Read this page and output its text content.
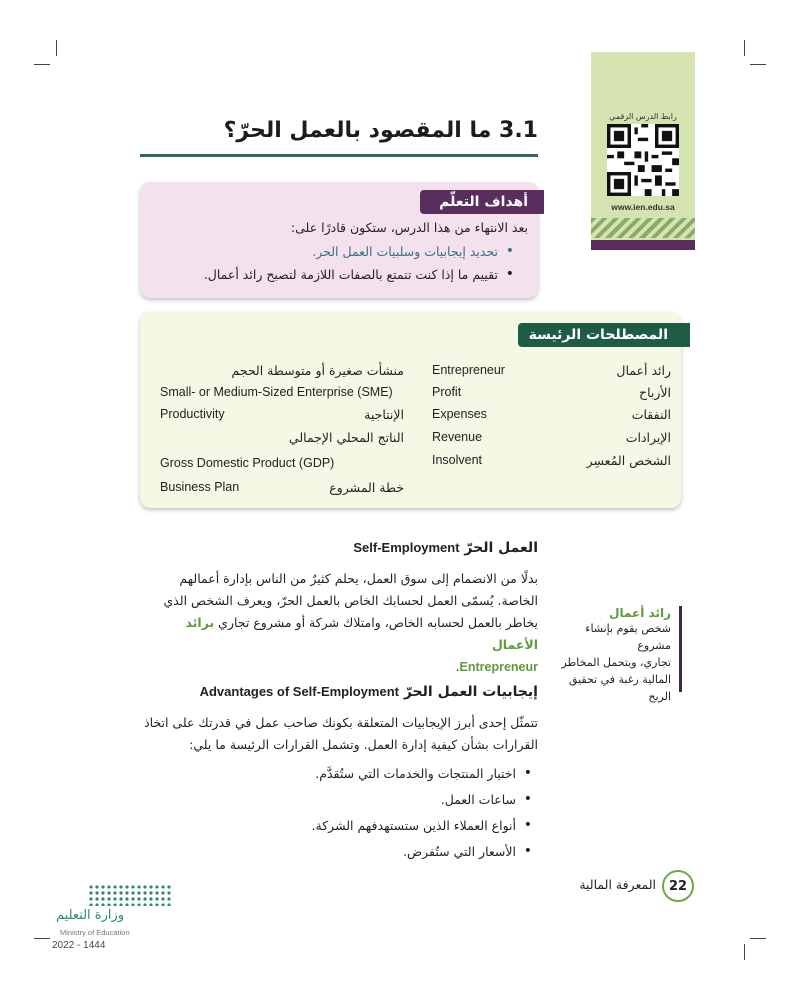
رابط الدرس الرقمي
www.ien.edu.sa
3.1 ما المقصود بالعمل الحرّ؟
أهداف التعلّم
بعد الانتهاء من هذا الدرس، ستكون قادرًا على:
• تحديد إيجابيات وسلبيات العمل الحر.
• تقييم ما إذا كنت تتمتع بالصفات اللازمة لتصبح رائد أعمال.
المصطلحات الرئيسة
رائد أعمال
Entrepreneur
الأرباح
Profit
النفقات
Expenses
الإيرادات
Revenue
الشخص المُعسِر
Insolvent
منشأت صغيرة أو متوسطة الحجم
Small- or Medium-Sized Enterprise (SME)
Productivity	الإنتاجية
الناتج المحلي الإجمالي
Gross Domestic Product (GDP)
Business Plan	خطة المشروع
العمل الحرّ Self-Employment
بدلًا من الانضمام إلى سوق العمل، يحلم كثيرٌ من الناس بإدارة أعمالهم
الخاصة. يُسمّى العمل لحسابك الخاص بالعمل الحرّ، ويعرف الشخص الذي
يخاطر بالعمل لحسابه الخاص، وامتلاك شركة أو مشروع تجاري برائد الأعمال
Entrepreneur.
رائد أعمال
شخص يقوم بإنشاء مشروع
تجاري، ويتحمل المخاطر
المالية رغبة في تحقيق الربح
إيجابيات العمل الحرّ Advantages of Self-Employment
تتمثّل إحدى أبرز الإيجابيات المتعلقة بكونك صاحب عمل في قدرتك على اتخاذ
القرارات بشأن كيفية إدارة العمل. وتشمل القرارات الرئيسة ما يلي:
• اختيار المنتجات والخدمات التي ستُقدَّم.
• ساعات العمل.
• أنواع العملاء الذين ستستهدفهم الشركة.
• الأسعار التي ستُفرض.
22
المعرفة المالية
وزارة التعليم
Ministry of Education
2022 - 1444
